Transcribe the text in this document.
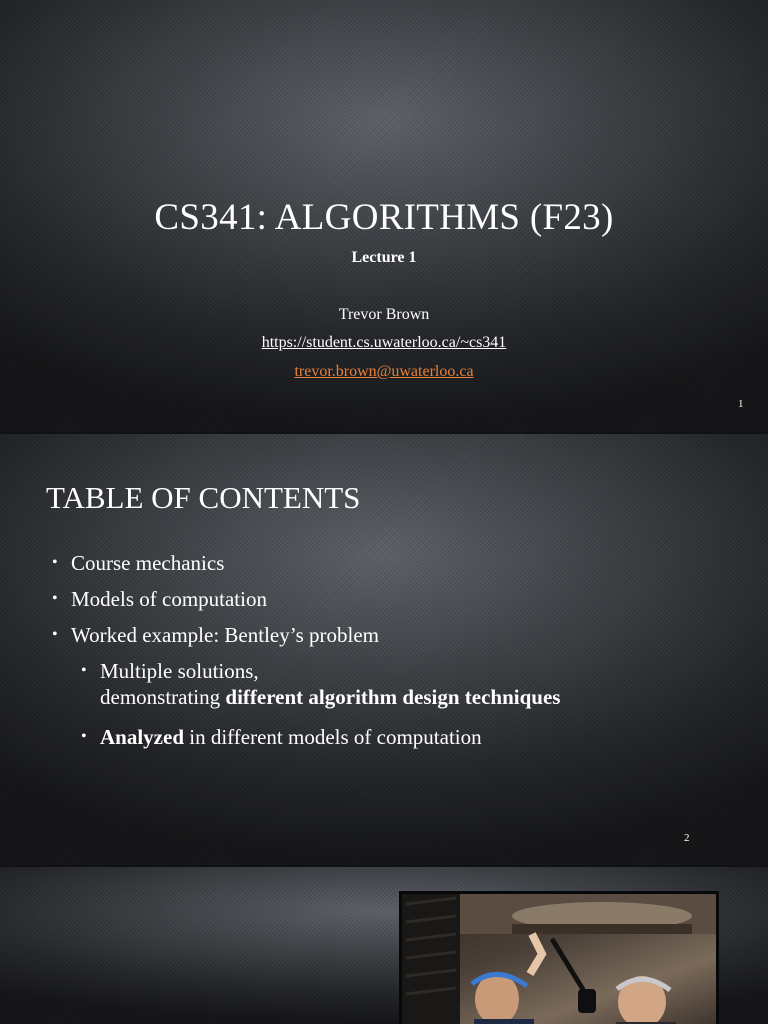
CS341: ALGORITHMS (F23)
Lecture 1
Trevor Brown
https://student.cs.uwaterloo.ca/~cs341
trevor.brown@uwaterloo.ca
1
TABLE OF CONTENTS
• Course mechanics
• Models of computation
• Worked example: Bentley’s problem
• Multiple solutions,
demonstrating different algorithm design techniques
• Analyzed in different models of computation
2
